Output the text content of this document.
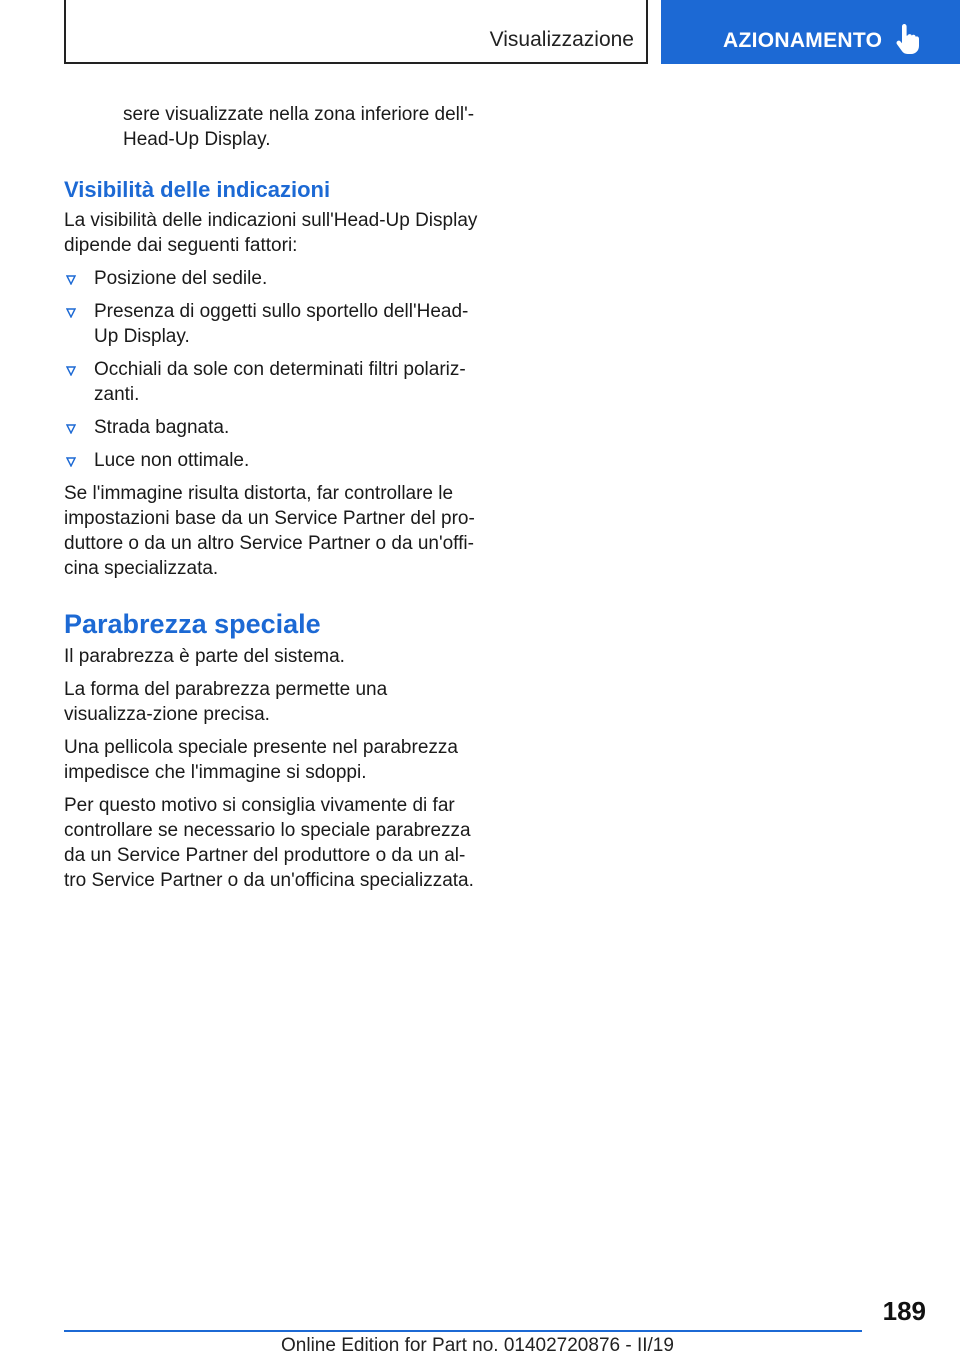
Visualizzazione	AZIONAMENTO

sere visualizzate nella zona inferiore dell'-
Head-Up Display.

Visibilità delle indicazioni

La visibilità delle indicazioni sull'Head-Up Display dipende dai seguenti fattori:

Posizione del sedile.
Presenza di oggetti sullo sportello dell'Head-Up Display.
Occhiali da sole con determinati filtri polariz-zanti.
Strada bagnata.
Luce non ottimale.

Se l'immagine risulta distorta, far controllare le impostazioni base da un Service Partner del pro-duttore o da un altro Service Partner o da un'offi-cina specializzata.

Parabrezza speciale

Il parabrezza è parte del sistema.

La forma del parabrezza permette una visualizza-zione precisa.

Una pellicola speciale presente nel parabrezza impedisce che l'immagine si sdoppi.

Per questo motivo si consiglia vivamente di far controllare se necessario lo speciale parabrezza da un Service Partner del produttore o da un al-tro Service Partner o da un'officina specializzata.

189
Online Edition for Part no. 01402720876 - II/19
